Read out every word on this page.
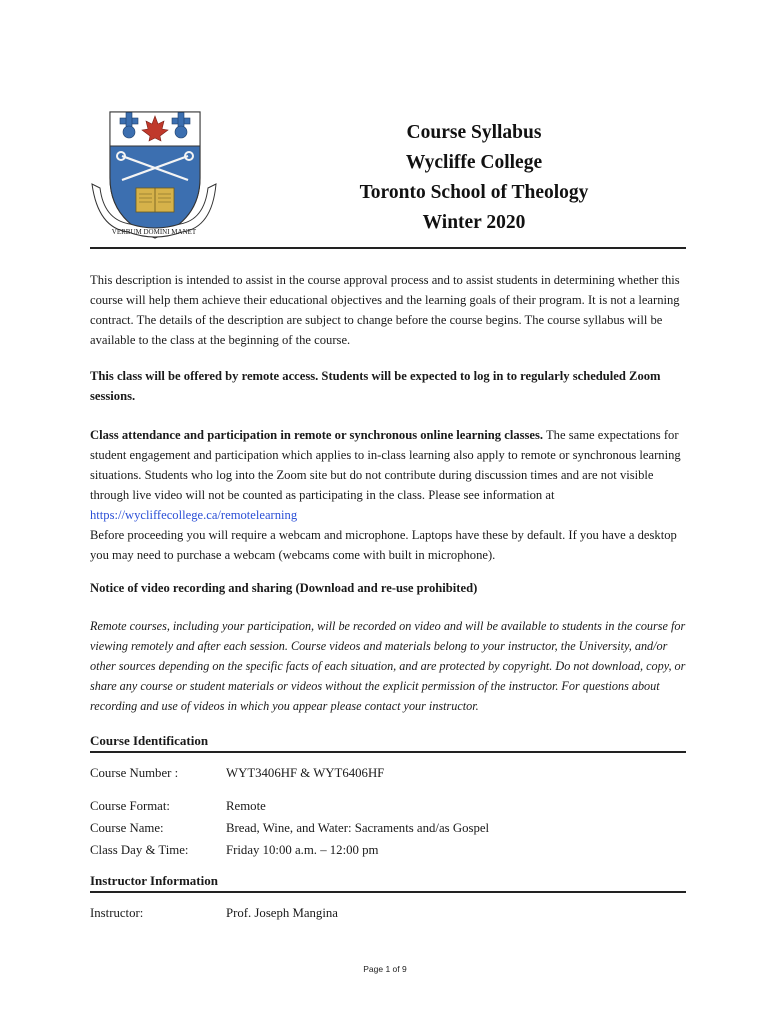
VERBUM DOMINI MANET
Course Syllabus
Wycliffe College
Toronto School of Theology
Winter 2020

This description is intended to assist in the course approval process and to assist students in determining whether this course will help them achieve their educational objectives and the learning goals of their program. It is not a learning contract. The details of the description are subject to change before the course begins. The course syllabus will be available to the class at the beginning of the course.

This class will be offered by remote access. Students will be expected to log in to regularly scheduled Zoom sessions.

Class attendance and participation in remote or synchronous online learning classes. The same expectations for student engagement and participation which applies to in-class learning also apply to remote or synchronous learning situations. Students who log into the Zoom site but do not contribute during discussion times and are not visible through live video will not be counted as participating in the class. Please see information at https://wycliffecollege.ca/remotelearning
Before proceeding you will require a webcam and microphone. Laptops have these by default. If you have a desktop you may need to purchase a webcam (webcams come with built in microphone).
Notice of video recording and sharing (Download and re-use prohibited)

Remote courses, including your participation, will be recorded on video and will be available to students in the course for viewing remotely and after each session. Course videos and materials belong to your instructor, the University, and/or other sources depending on the specific facts of each situation, and are protected by copyright. Do not download, copy, or share any course or student materials or videos without the explicit permission of the instructor. For questions about recording and use of videos in which you appear please contact your instructor.

Course Identification
Course Number :	WYT3406HF & WYT6406HF
Course Format:	Remote
Course Name:	Bread, Wine, and Water: Sacraments and/as Gospel
Class Day & Time:	Friday 10:00 a.m. – 12:00 pm
Instructor Information
Instructor:	Prof. Joseph Mangina
Page 1 of 9
